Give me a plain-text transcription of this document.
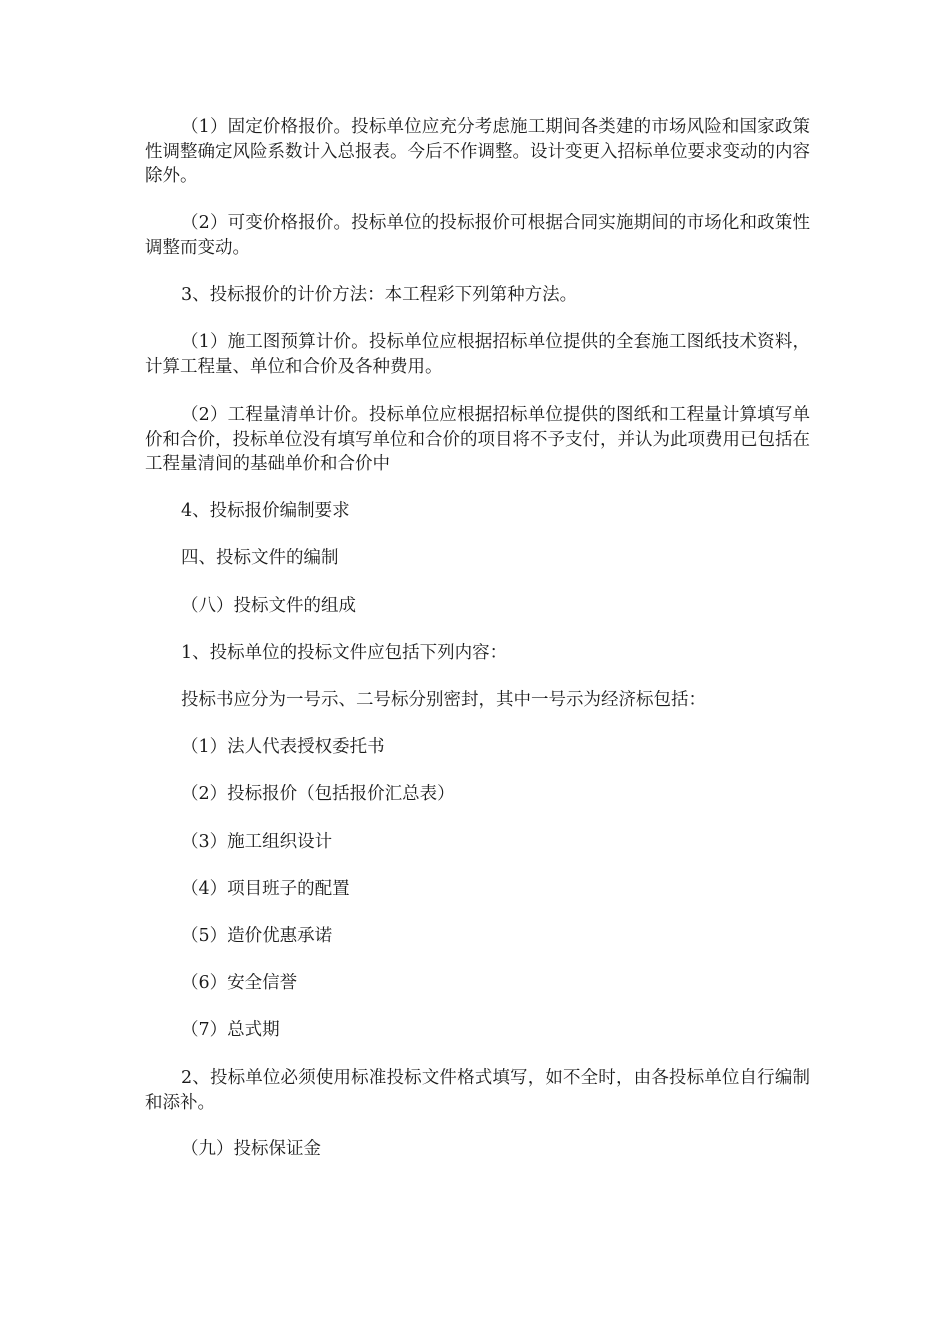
（1）固定价格报价。投标单位应充分考虑施工期间各类建的市场风险和国家政策性调整确定风险系数计入总报表。今后不作调整。设计变更入招标单位要求变动的内容除外。

（2）可变价格报价。投标单位的投标报价可根据合同实施期间的市场化和政策性调整而变动。

3、投标报价的计价方法：本工程彩下列第种方法。

（1）施工图预算计价。投标单位应根据招标单位提供的全套施工图纸技术资料，计算工程量、单位和合价及各种费用。

（2）工程量清单计价。投标单位应根据招标单位提供的图纸和工程量计算填写单价和合价，投标单位没有填写单位和合价的项目将不予支付，并认为此项费用已包括在工程量清间的基础单价和合价中

4、投标报价编制要求

四、投标文件的编制

（八）投标文件的组成

1、投标单位的投标文件应包括下列内容：

投标书应分为一号示、二号标分别密封，其中一号示为经济标包括：

（1）法人代表授权委托书

（2）投标报价（包括报价汇总表）

（3）施工组织设计

（4）项目班子的配置

（5）造价优惠承诺

（6）安全信誉

（7）总式期

2、投标单位必须使用标准投标文件格式填写，如不全时，由各投标单位自行编制和添补。

（九）投标保证金
